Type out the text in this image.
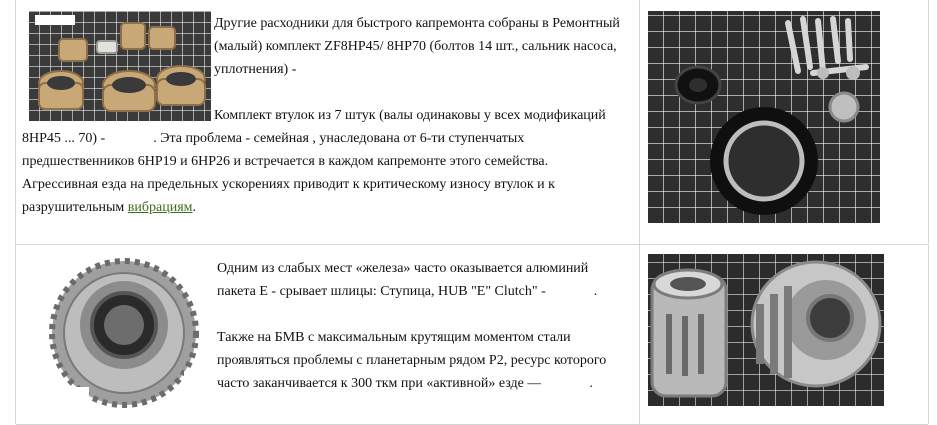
Другие расходники для быстрого капремонта собраны в Ремонтный
(малый) комплект ZF8HP45/ 8HP70 (болтов 14 шт., сальник насоса,
уплотнения) -
Комплект втулок из 7 штук (валы одинаковы у всех модификаций
8HP45 ... 70) -	. Эта проблема - семейная , унаследована от 6-ти ступенчатых
предшественников 6HP19 и 6HP26 и встречается в каждом капремонте этого семейства.
Агрессивная езда на предельных ускорениях приводит к критическому износу втулок и к
разрушительным вибрациям.
Одним из слабых мест «железа» часто оказывается алюминий
пакета E - срывает шлицы: Ступица, HUB "E" Clutch" -	.
Также на БМВ с максимальным крутящим моментом стали
проявляться проблемы с планетарным рядом P2, ресурс которого
часто заканчивается к 300 ткм при «активной» езде —	.
